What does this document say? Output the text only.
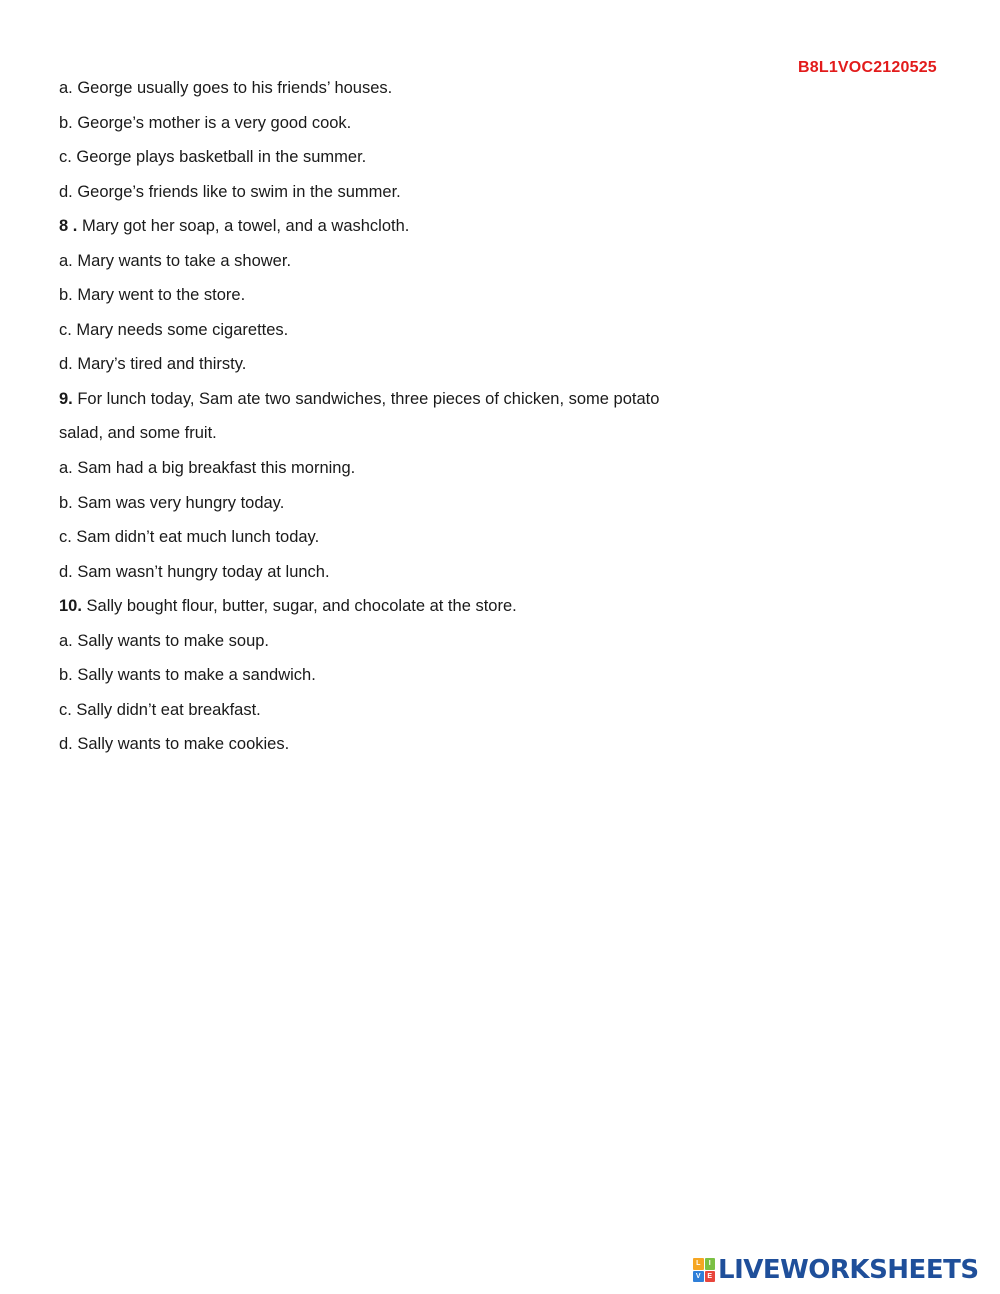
B8L1VOC2120525
a. George usually goes to his friends’ houses.
b. George’s mother is a very good cook.
c. George plays basketball in the summer.
d. George’s friends like to swim in the summer.
8 . Mary got her soap, a towel, and a washcloth.
a. Mary wants to take a shower.
b. Mary went to the store.
c. Mary needs some cigarettes.
d. Mary’s tired and thirsty.
9. For lunch today, Sam ate two sandwiches, three pieces of chicken, some potato
salad, and some fruit.
a. Sam had a big breakfast this morning.
b. Sam was very hungry today.
c. Sam didn’t eat much lunch today.
d. Sam wasn’t hungry today at lunch.
10. Sally bought flour, butter, sugar, and chocolate at the store.
a. Sally wants to make soup.
b. Sally wants to make a sandwich.
c. Sally didn’t eat breakfast.
d. Sally wants to make cookies.
L	I
V E LIVEWORKSHEETS
